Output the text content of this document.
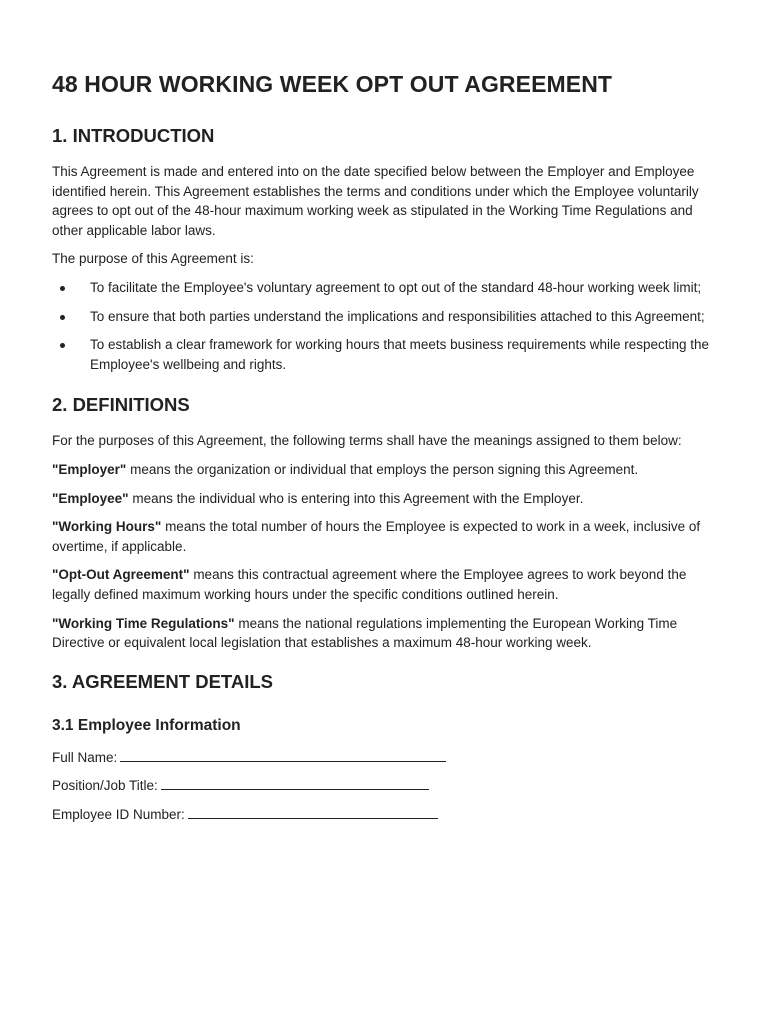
48 HOUR WORKING WEEK OPT OUT AGREEMENT
1. INTRODUCTION

This Agreement is made and entered into on the date specified below between the Employer and Employee identified herein. This Agreement establishes the terms and conditions under which the Employee voluntarily agrees to opt out of the 48-hour maximum working week as stipulated in the Working Time Regulations and other applicable labor laws.

The purpose of this Agreement is:

To facilitate the Employee's voluntary agreement to opt out of the standard 48-hour working week limit;
To ensure that both parties understand the implications and responsibilities attached to this Agreement;
To establish a clear framework for working hours that meets business requirements while respecting the Employee's wellbeing and rights.
2. DEFINITIONS

For the purposes of this Agreement, the following terms shall have the meanings assigned to them below:

"Employer" means the organization or individual that employs the person signing this Agreement.

"Employee" means the individual who is entering into this Agreement with the Employer.

"Working Hours" means the total number of hours the Employee is expected to work in a week, inclusive of overtime, if applicable.

"Opt-Out Agreement" means this contractual agreement where the Employee agrees to work beyond the legally defined maximum working hours under the specific conditions outlined herein.

"Working Time Regulations" means the national regulations implementing the European Working Time Directive or equivalent local legislation that establishes a maximum 48-hour working week.

3. AGREEMENT DETAILS
3.1 Employee Information
Full Name:
Position/Job Title:
Employee ID Number:
